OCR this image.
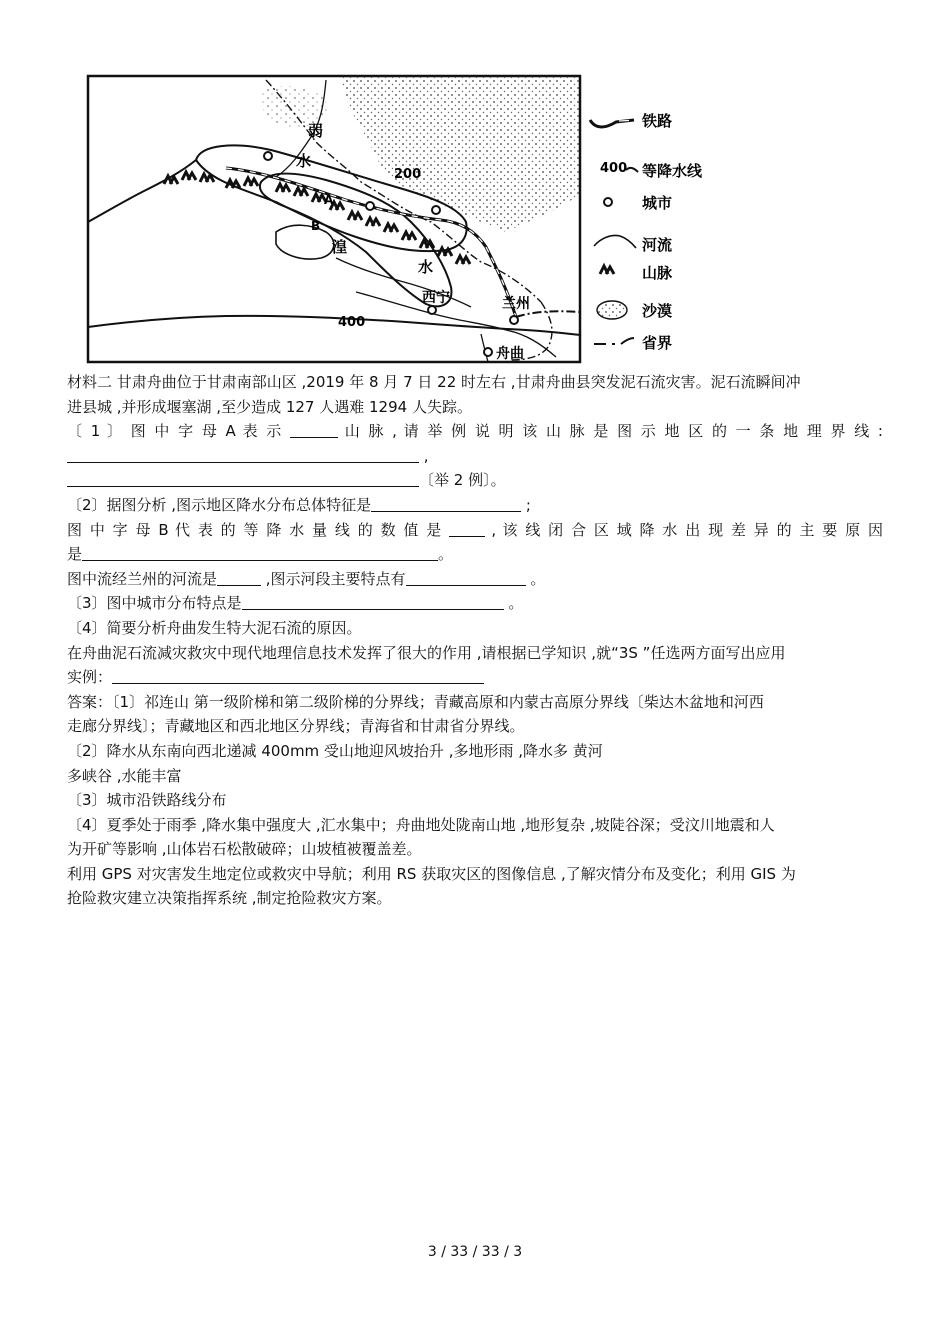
弱
水
200
A
B
湟
水
西宁	兰州
400
舟曲
铁路
400 等降水线
城市
河流
山脉
沙漠
省界
材料二 甘肃舟曲位于甘肃南部山区 ,2019 年 8 月 7 日 22 时左右 ,甘肃舟曲县突发泥石流灾害。泥石流瞬间冲
进县城 ,并形成堰塞湖 ,至少造成 127 人遇难 1294 人失踪。
〔 1 〕 图 中 字 母 A 表 示	山 脉 , 请 举 例 说 明 该 山 脉 是 图 示 地 区 的 一 条 地 理 界 线 :
,
〔举 2 例〕。
〔2〕据图分析 ,图示地区降水分布总体特征是	;
图 中 字 母 B 代 表 的 等 降 水 量 线 的 数 值 是  , 该 线 闭 合 区 域 降 水 出 现 差 异 的 主 要 原 因
是	。
图中流经兰州的河流是	,图示河段主要特点有	。
〔3〕图中城市分布特点是	。
〔4〕简要分析舟曲发生特大泥石流的原因。
在舟曲泥石流减灾救灾中现代地理信息技术发挥了很大的作用 ,请根据已学知识 ,就“3S ”任选两方面写出应用
实例：
答案：〔1〕祁连山 第一级阶梯和第二级阶梯的分界线；青藏高原和内蒙古高原分界线〔柴达木盆地和河西
走廊分界线〕；青藏地区和西北地区分界线；青海省和甘肃省分界线。
〔2〕降水从东南向西北递减 400mm 受山地迎风坡抬升 ,多地形雨 ,降水多 黄河
多峡谷 ,水能丰富
〔3〕城市沿铁路线分布
〔4〕夏季处于雨季 ,降水集中强度大 ,汇水集中；舟曲地处陇南山地 ,地形复杂 ,坡陡谷深；受汶川地震和人
为开矿等影响 ,山体岩石松散破碎；山坡植被覆盖差。
利用 GPS 对灾害发生地定位或救灾中导航；利用 RS 获取灾区的图像信息 ,了解灾情分布及变化；利用 GIS 为
抢险救灾建立决策指挥系统 ,制定抢险救灾方案。
3 / 33 / 33 / 3
